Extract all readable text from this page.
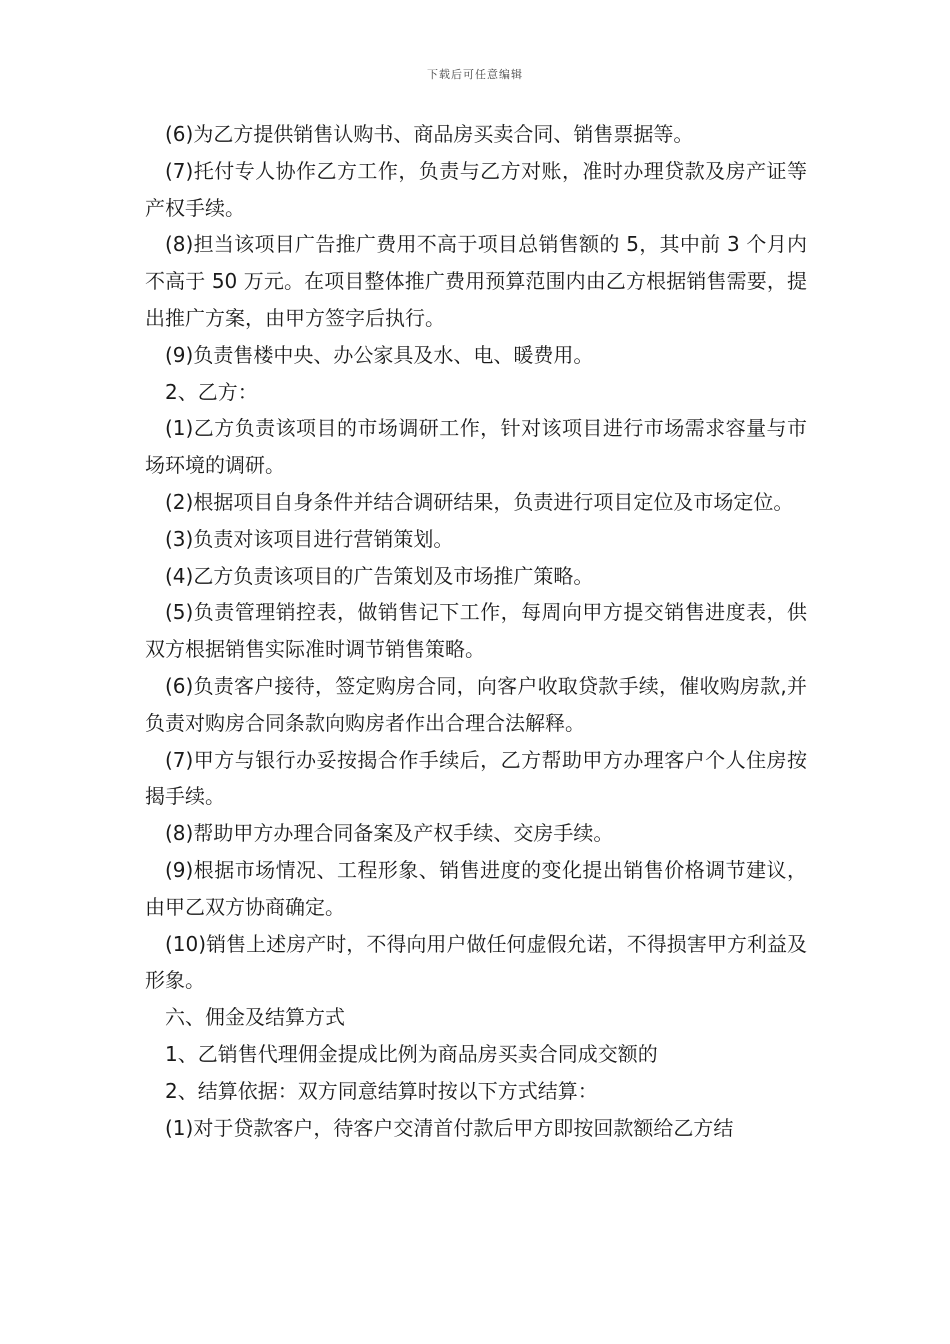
下载后可任意编辑

(6)为乙方提供销售认购书、商品房买卖合同、销售票据等。

(7)托付专人协作乙方工作，负责与乙方对账，准时办理贷款及房产证等产权手续。

(8)担当该项目广告推广费用不高于项目总销售额的 5，其中前 3 个月内不高于 50 万元。在项目整体推广费用预算范围内由乙方根据销售需要，提出推广方案，由甲方签字后执行。

(9)负责售楼中央、办公家具及水、电、暖费用。

2、乙方：

(1)乙方负责该项目的市场调研工作，针对该项目进行市场需求容量与市场环境的调研。

(2)根据项目自身条件并结合调研结果，负责进行项目定位及市场定位。

(3)负责对该项目进行营销策划。

(4)乙方负责该项目的广告策划及市场推广策略。

(5)负责管理销控表，做销售记下工作，每周向甲方提交销售进度表，供双方根据销售实际准时调节销售策略。

(6)负责客户接待，签定购房合同，向客户收取贷款手续，催收购房款,并负责对购房合同条款向购房者作出合理合法解释。

(7)甲方与银行办妥按揭合作手续后，乙方帮助甲方办理客户个人住房按揭手续。

(8)帮助甲方办理合同备案及产权手续、交房手续。

(9)根据市场情况、工程形象、销售进度的变化提出销售价格调节建议，由甲乙双方协商确定。

(10)销售上述房产时，不得向用户做任何虚假允诺，不得损害甲方利益及形象。

六、佣金及结算方式

1、乙销售代理佣金提成比例为商品房买卖合同成交额的

2、结算依据：双方同意结算时按以下方式结算：

(1)对于贷款客户，待客户交清首付款后甲方即按回款额给乙方结
